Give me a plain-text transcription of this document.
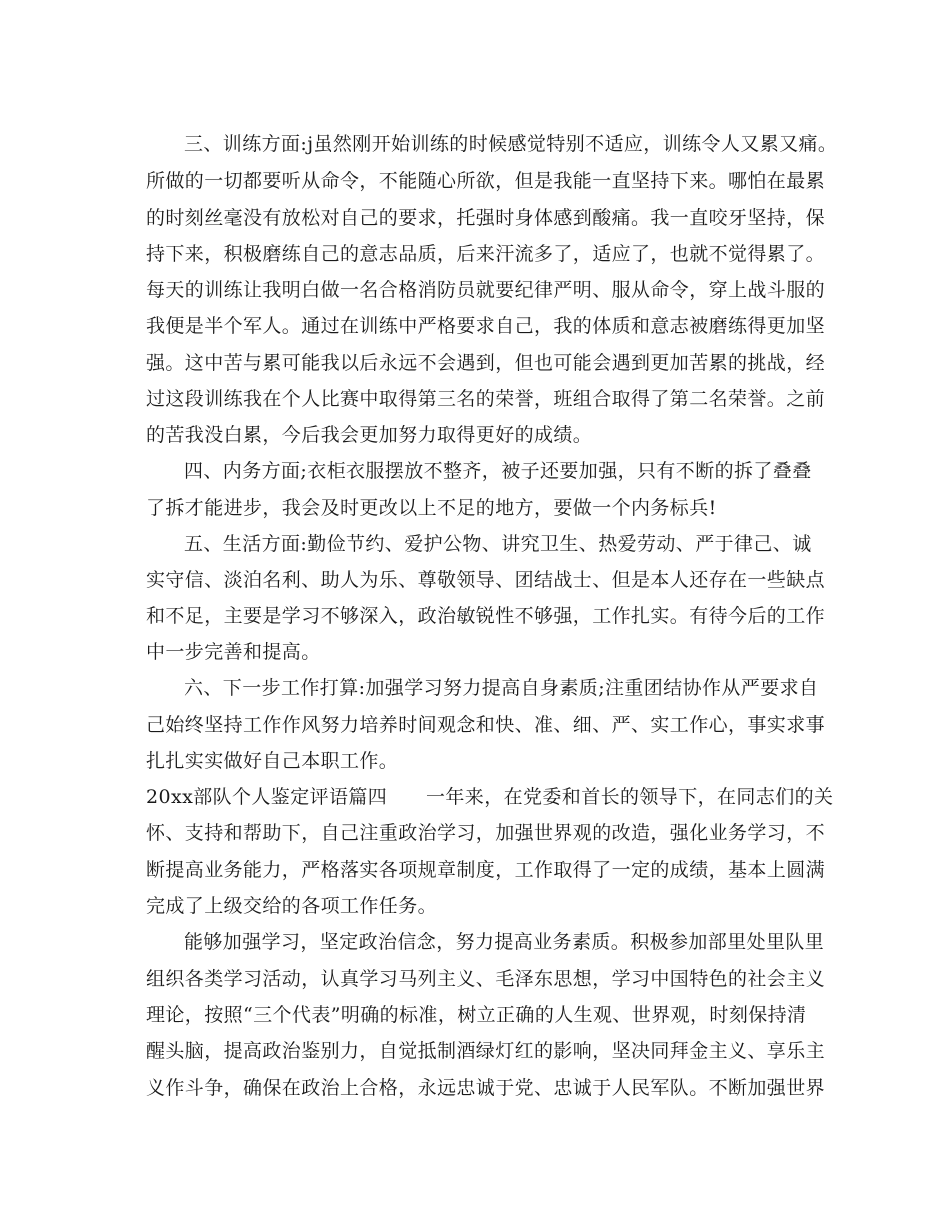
三、训练方面:j虽然刚开始训练的时候感觉特别不适应，训练令人又累又痛。
所做的一切都要听从命令，不能随心所欲，但是我能一直坚持下来。哪怕在最累
的时刻丝毫没有放松对自己的要求，托强时身体感到酸痛。我一直咬牙坚持，保
持下来，积极磨练自己的意志品质，后来汗流多了，适应了，也就不觉得累了。
每天的训练让我明白做一名合格消防员就要纪律严明、服从命令，穿上战斗服的
我便是半个军人。通过在训练中严格要求自己，我的体质和意志被磨练得更加坚
强。这中苦与累可能我以后永远不会遇到，但也可能会遇到更加苦累的挑战，经
过这段训练我在个人比赛中取得第三名的荣誉，班组合取得了第二名荣誉。之前
的苦我没白累，今后我会更加努力取得更好的成绩。
四、内务方面;衣柜衣服摆放不整齐，被子还要加强，只有不断的拆了叠叠
了拆才能进步，我会及时更改以上不足的地方，要做一个内务标兵!
五、生活方面:勤俭节约、爱护公物、讲究卫生、热爱劳动、严于律己、诚
实守信、淡泊名利、助人为乐、尊敬领导、团结战士、但是本人还存在一些缺点
和不足，主要是学习不够深入，政治敏锐性不够强，工作扎实。有待今后的工作
中一步完善和提高。
六、下一步工作打算:加强学习努力提高自身素质;注重团结协作从严要求自
己始终坚持工作作风努力培养时间观念和快、准、细、严、实工作心，事实求事
扎扎实实做好自己本职工作。
20xx部队个人鉴定评语篇四　　一年来，在党委和首长的领导下，在同志们的关
怀、支持和帮助下，自己注重政治学习，加强世界观的改造，强化业务学习，不
断提高业务能力，严格落实各项规章制度，工作取得了一定的成绩，基本上圆满
完成了上级交给的各项工作任务。
能够加强学习，坚定政治信念，努力提高业务素质。积极参加部里处里队里
组织各类学习活动，认真学习马列主义、毛泽东思想，学习中国特色的社会主义
理论，按照“三个代表”明确的标准，树立正确的人生观、世界观，时刻保持清
醒头脑，提高政治鉴别力，自觉抵制酒绿灯红的影响，坚决同拜金主义、享乐主
义作斗争，确保在政治上合格，永远忠诚于党、忠诚于人民军队。不断加强世界
